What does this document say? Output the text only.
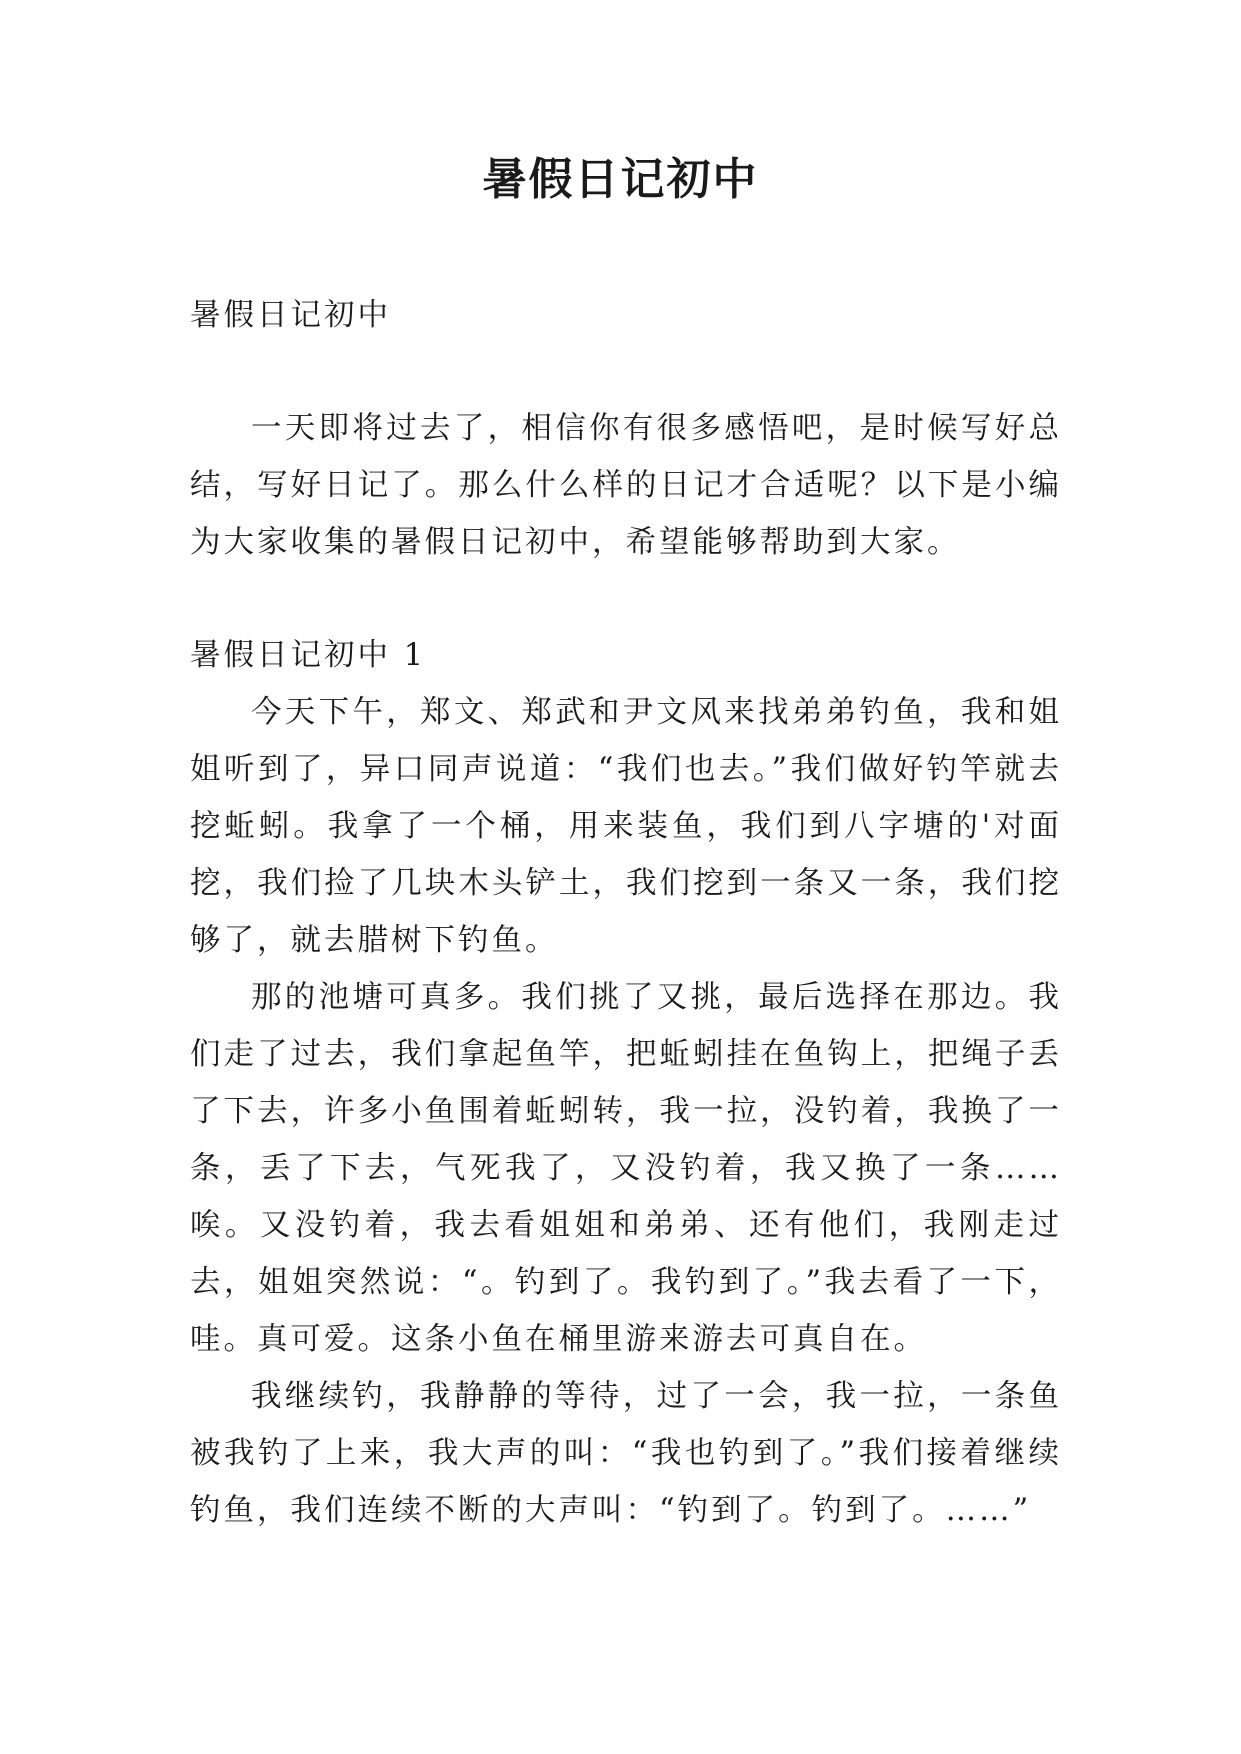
暑假日记初中

暑假日记初中

一天即将过去了，相信你有很多感悟吧，是时候写好总结，写好日记了。那么什么样的日记才合适呢？以下是小编为大家收集的暑假日记初中，希望能够帮助到大家。

暑假日记初中 1

今天下午，郑文、郑武和尹文风来找弟弟钓鱼，我和姐姐听到了，异口同声说道：“我们也去。”我们做好钓竿就去挖蚯蚓。我拿了一个桶，用来装鱼，我们到八字塘的'对面挖，我们捡了几块木头铲土，我们挖到一条又一条，我们挖够了，就去腊树下钓鱼。

那的池塘可真多。我们挑了又挑，最后选择在那边。我们走了过去，我们拿起鱼竿，把蚯蚓挂在鱼钩上，把绳子丢了下去，许多小鱼围着蚯蚓转，我一拉，没钓着，我换了一条，丢了下去，气死我了，又没钓着，我又换了一条……唉。又没钓着，我去看姐姐和弟弟、还有他们，我刚走过去，姐姐突然说：“。钓到了。我钓到了。”我去看了一下，哇。真可爱。这条小鱼在桶里游来游去可真自在。

我继续钓，我静静的等待，过了一会，我一拉，一条鱼被我钓了上来，我大声的叫：“我也钓到了。”我们接着继续钓鱼，我们连续不断的大声叫：“钓到了。钓到了。……”
